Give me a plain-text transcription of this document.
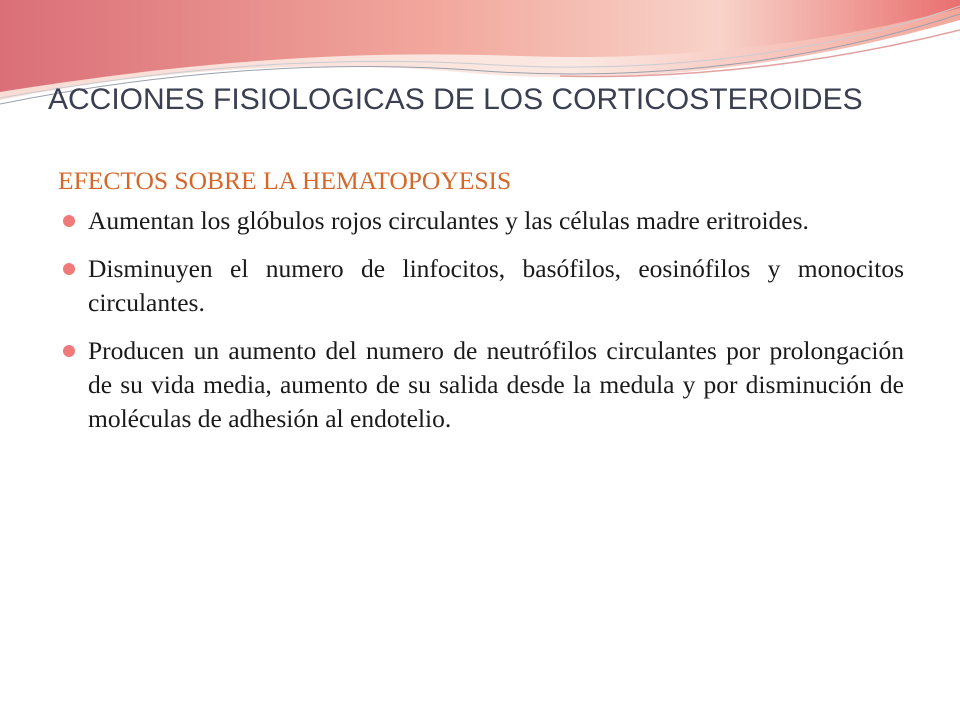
ACCIONES FISIOLOGICAS DE LOS CORTICOSTEROIDES
EFECTOS SOBRE LA HEMATOPOYESIS
Aumentan los glóbulos rojos circulantes y las células madre eritroides.
Disminuyen el numero de linfocitos, basófilos, eosinófilos y monocitos circulantes.
Producen un aumento del numero de neutrófilos circulantes por prolongación de su vida media, aumento de su salida desde la medula y por disminución de moléculas de adhesión al endotelio.
